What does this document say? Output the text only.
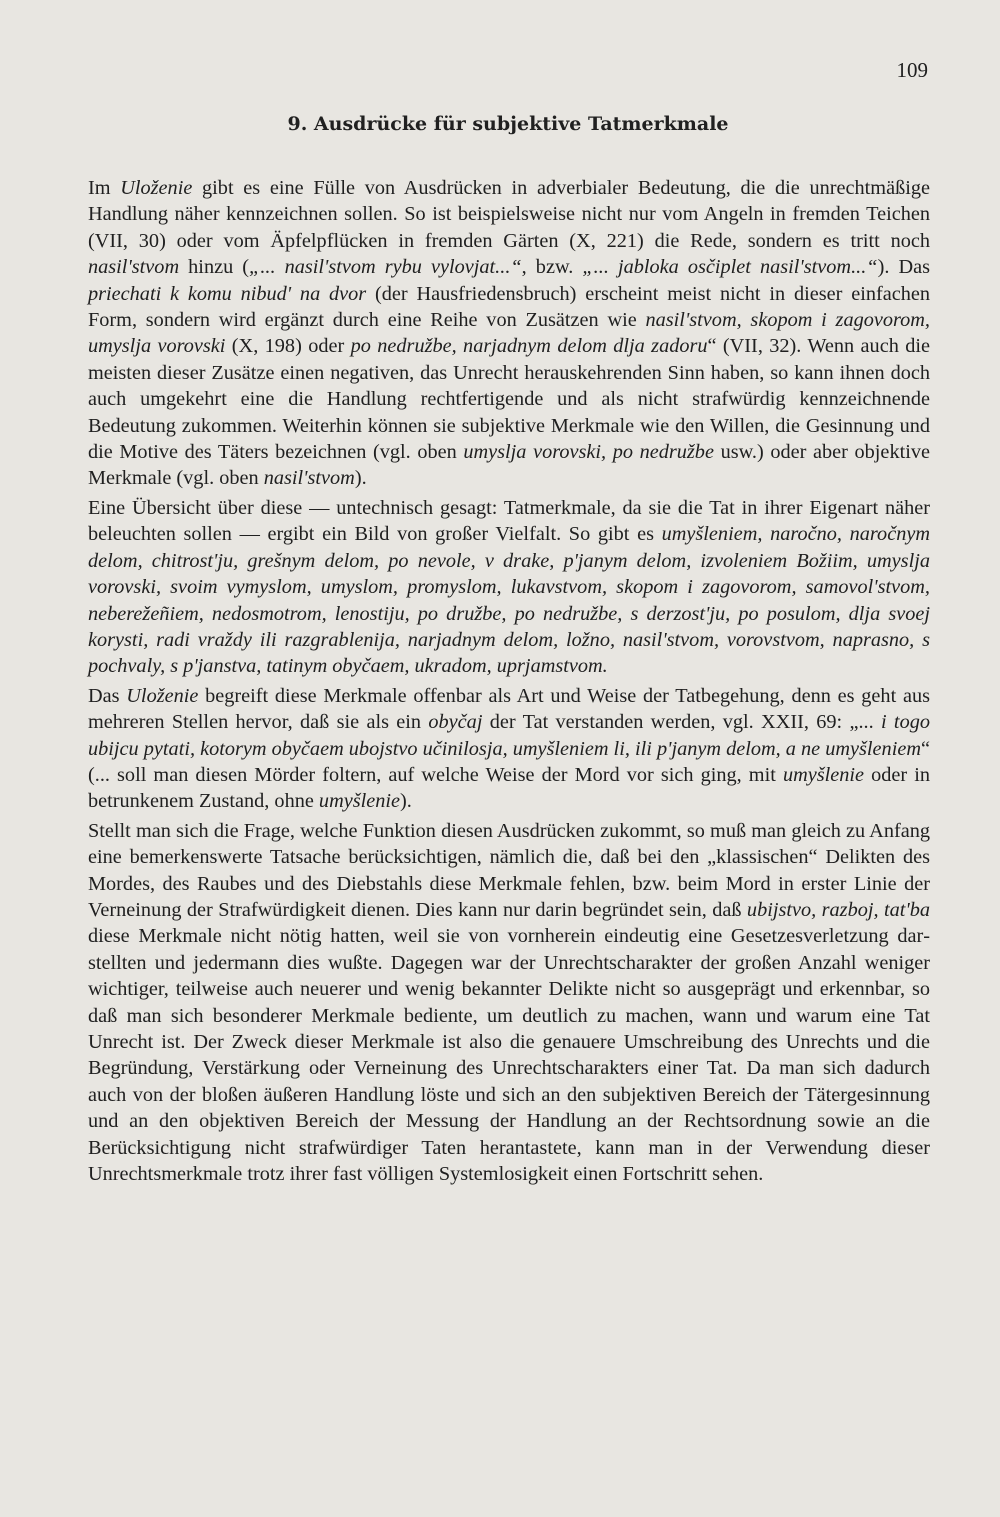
109
9. Ausdrücke für subjektive Tatmerkmale

Im Uloženie gibt es eine Fülle von Ausdrücken in adverbialer Bedeutung, die die unrechtmäßige Handlung näher kennzeichnen sollen. So ist beispielsweise nicht nur vom Angeln in fremden Teichen (VII, 30) oder vom Äpfelpflücken in fremden Gärten (X, 221) die Rede, sondern es tritt noch nasil'stvom hinzu („... nasil'stvom rybu vylovjat...“, bzw. „... jabloka osčiplet nasil'stvom...“). Das priechati k komu nibud' na dvor (der Hausfriedensbruch) erscheint meist nicht in dieser einfachen Form, sondern wird ergänzt durch eine Reihe von Zusätzen wie nasil'stvom, skopom i zagovorom, umyslja vorovski (X, 198) oder po nedružbe, narjadnym delom dlja zadoru“ (VII, 32). Wenn auch die meisten dieser Zusätze einen negativen, das Unrecht herauskehrenden Sinn haben, so kann ihnen doch auch umgekehrt eine die Handlung rechtfertigende und als nicht strafwürdig kennzeichnende Bedeutung zukommen. Weiterhin können sie subjektive Merkmale wie den Willen, die Gesinnung und die Motive des Täters bezeichnen (vgl. oben umyslja vorovski, po nedružbe usw.) oder aber objektive Merkmale (vgl. oben nasil'stvom).

Eine Übersicht über diese — untechnisch gesagt: Tatmerkmale, da sie die Tat in ihrer Eigenart näher beleuchten sollen — ergibt ein Bild von großer Vielfalt. So gibt es umyšleniem, naročno, naročnym delom, chitrost'ju, grešnym delom, po nevole, v drake, p'janym delom, izvoleniem Božiim, umyslja vorovski, svoim vymyslom, umyslom, promyslom, lukavstvom, skopom i zagovorom, samovol'stvom, neberežeñiem, nedosmotrom, lenostiju, po družbe, po nedružbe, s derzost'ju, po posulom, dlja svoej korysti, radi vraždy ili razgrablenija, narjadnym delom, ložno, nasil'stvom, vorovstvom, naprasno, s pochvaly, s p'janstva, tatinym obyčaem, ukradom, uprjamstvom.

Das Uloženie begreift diese Merkmale offenbar als Art und Weise der Tatbegehung, denn es geht aus mehreren Stellen hervor, daß sie als ein obyčaj der Tat verstanden werden, vgl. XXII, 69: „... i togo ubijcu pytati, kotorym obyčaem ubojstvo učinilosja, umyšleniem li, ili p'janym delom, a ne umyšleniem“ (... soll man diesen Mörder foltern, auf welche Weise der Mord vor sich ging, mit umyšlenie oder in betrunkenem Zustand, ohne umyšlenie).

Stellt man sich die Frage, welche Funktion diesen Ausdrücken zukommt, so muß man gleich zu Anfang eine bemerkenswerte Tatsache berücksichtigen, nämlich die, daß bei den „klassischen“ Delikten des Mordes, des Raubes und des Diebstahls diese Merkmale fehlen, bzw. beim Mord in erster Linie der Verneinung der Strafwürdigkeit dienen. Dies kann nur darin begründet sein, daß ubijstvo, razboj, tat'ba diese Merkmale nicht nötig hatten, weil sie von vornherein eindeutig eine Gesetzesverletzung darstellten und jedermann dies wußte. Dagegen war der Unrechtscharakter der großen Anzahl weniger wichtiger, teilweise auch neuerer und wenig bekannter Delikte nicht so ausgeprägt und erkennbar, so daß man sich besonderer Merkmale bediente, um deutlich zu machen, wann und warum eine Tat Unrecht ist. Der Zweck dieser Merkmale ist also die genauere Umschreibung des Unrechts und die Begründung, Verstärkung oder Verneinung des Unrechtscharakters einer Tat. Da man sich dadurch auch von der bloßen äußeren Handlung löste und sich an den subjektiven Bereich der Tätergesinnung und an den objektiven Bereich der Messung der Handlung an der Rechtsordnung sowie an die Berücksichtigung nicht strafwürdiger Taten herantastete, kann man in der Verwendung dieser Unrechtsmerkmale trotz ihrer fast völligen Systemlosigkeit einen Fortschritt sehen.
